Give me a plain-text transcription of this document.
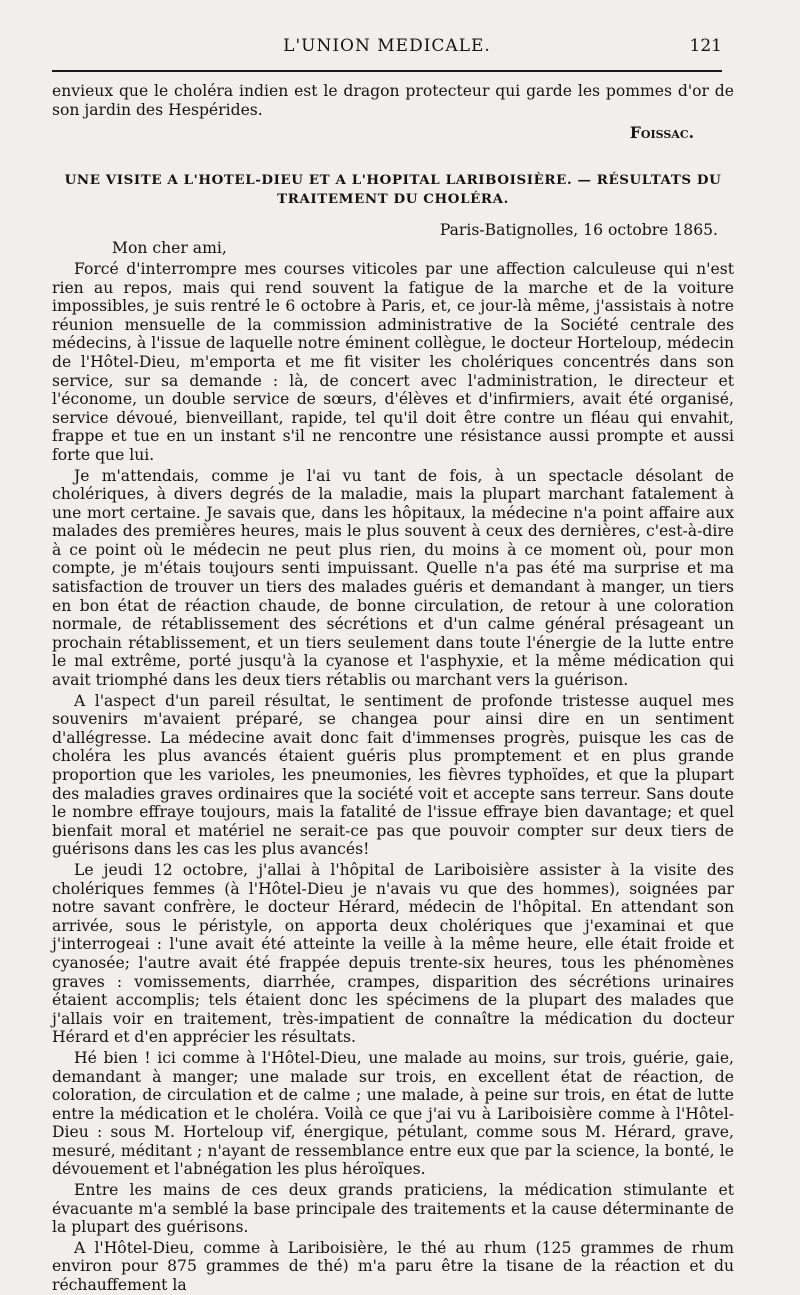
L'UNION MEDICALE.	121

envieux que le choléra indien est le dragon protecteur qui garde les pommes d'or de son jardin des Hespérides.

Foissac.

UNE VISITE A L'HOTEL-DIEU ET A L'HOPITAL LARIBOISIÈRE. — RÉSULTATS DU
TRAITEMENT DU CHOLÉRA.

Paris-Batignolles, 16 octobre 1865.

Mon cher ami,

Forcé d'interrompre mes courses viticoles par une affection calculeuse qui n'est rien au repos, mais qui rend souvent la fatigue de la marche et de la voiture impossibles, je suis rentré le 6 octobre à Paris, et, ce jour-là même, j'assistais à notre réunion mensuelle de la commission administrative de la Société centrale des médecins, à l'issue de laquelle notre éminent collègue, le docteur Horteloup, médecin de l'Hôtel-Dieu, m'emporta et me fit visiter les cholériques concentrés dans son service, sur sa demande : là, de concert avec l'administration, le directeur et l'économe, un double service de sœurs, d'élèves et d'infirmiers, avait été organisé, service dévoué, bienveillant, rapide, tel qu'il doit être contre un fléau qui envahit, frappe et tue en un instant s'il ne rencontre une résistance aussi prompte et aussi forte que lui.

Je m'attendais, comme je l'ai vu tant de fois, à un spectacle désolant de cholériques, à divers degrés de la maladie, mais la plupart marchant fatalement à une mort certaine. Je savais que, dans les hôpitaux, la médecine n'a point affaire aux malades des premières heures, mais le plus souvent à ceux des dernières, c'est-à-dire à ce point où le médecin ne peut plus rien, du moins à ce moment où, pour mon compte, je m'étais toujours senti impuissant. Quelle n'a pas été ma surprise et ma satisfaction de trouver un tiers des malades guéris et demandant à manger, un tiers en bon état de réaction chaude, de bonne circulation, de retour à une coloration normale, de rétablissement des sécrétions et d'un calme général présageant un prochain rétablissement, et un tiers seulement dans toute l'énergie de la lutte entre le mal extrême, porté jusqu'à la cyanose et l'asphyxie, et la même médication qui avait triomphé dans les deux tiers rétablis ou marchant vers la guérison.

A l'aspect d'un pareil résultat, le sentiment de profonde tristesse auquel mes souvenirs m'avaient préparé, se changea pour ainsi dire en un sentiment d'allégresse. La médecine avait donc fait d'immenses progrès, puisque les cas de choléra les plus avancés étaient guéris plus promptement et en plus grande proportion que les varioles, les pneumonies, les fièvres typhoïdes, et que la plupart des maladies graves ordinaires que la société voit et accepte sans terreur. Sans doute le nombre effraye toujours, mais la fatalité de l'issue effraye bien davantage; et quel bienfait moral et matériel ne serait-ce pas que pouvoir compter sur deux tiers de guérisons dans les cas les plus avancés!

Le jeudi 12 octobre, j'allai à l'hôpital de Lariboisière assister à la visite des cholériques femmes (à l'Hôtel-Dieu je n'avais vu que des hommes), soignées par notre savant confrère, le docteur Hérard, médecin de l'hôpital. En attendant son arrivée, sous le péristyle, on apporta deux cholériques que j'examinai et que j'interrogeai : l'une avait été atteinte la veille à la même heure, elle était froide et cyanosée; l'autre avait été frappée depuis trente-six heures, tous les phénomènes graves : vomissements, diarrhée, crampes, disparition des sécrétions urinaires étaient accomplis; tels étaient donc les spécimens de la plupart des malades que j'allais voir en traitement, très-impatient de connaître la médication du docteur Hérard et d'en apprécier les résultats.

Hé bien ! ici comme à l'Hôtel-Dieu, une malade au moins, sur trois, guérie, gaie, demandant à manger; une malade sur trois, en excellent état de réaction, de coloration, de circulation et de calme ; une malade, à peine sur trois, en état de lutte entre la médication et le choléra. Voilà ce que j'ai vu à Lariboisière comme à l'Hôtel-Dieu : sous M. Horteloup vif, énergique, pétulant, comme sous M. Hérard, grave, mesuré, méditant ; n'ayant de ressemblance entre eux que par la science, la bonté, le dévouement et l'abnégation les plus héroïques.

Entre les mains de ces deux grands praticiens, la médication stimulante et évacuante m'a semblé la base principale des traitements et la cause déterminante de la plupart des guérisons.

A l'Hôtel-Dieu, comme à Lariboisière, le thé au rhum (125 grammes de rhum environ pour 875 grammes de thé) m'a paru être la tisane de la réaction et du réchauffement la
